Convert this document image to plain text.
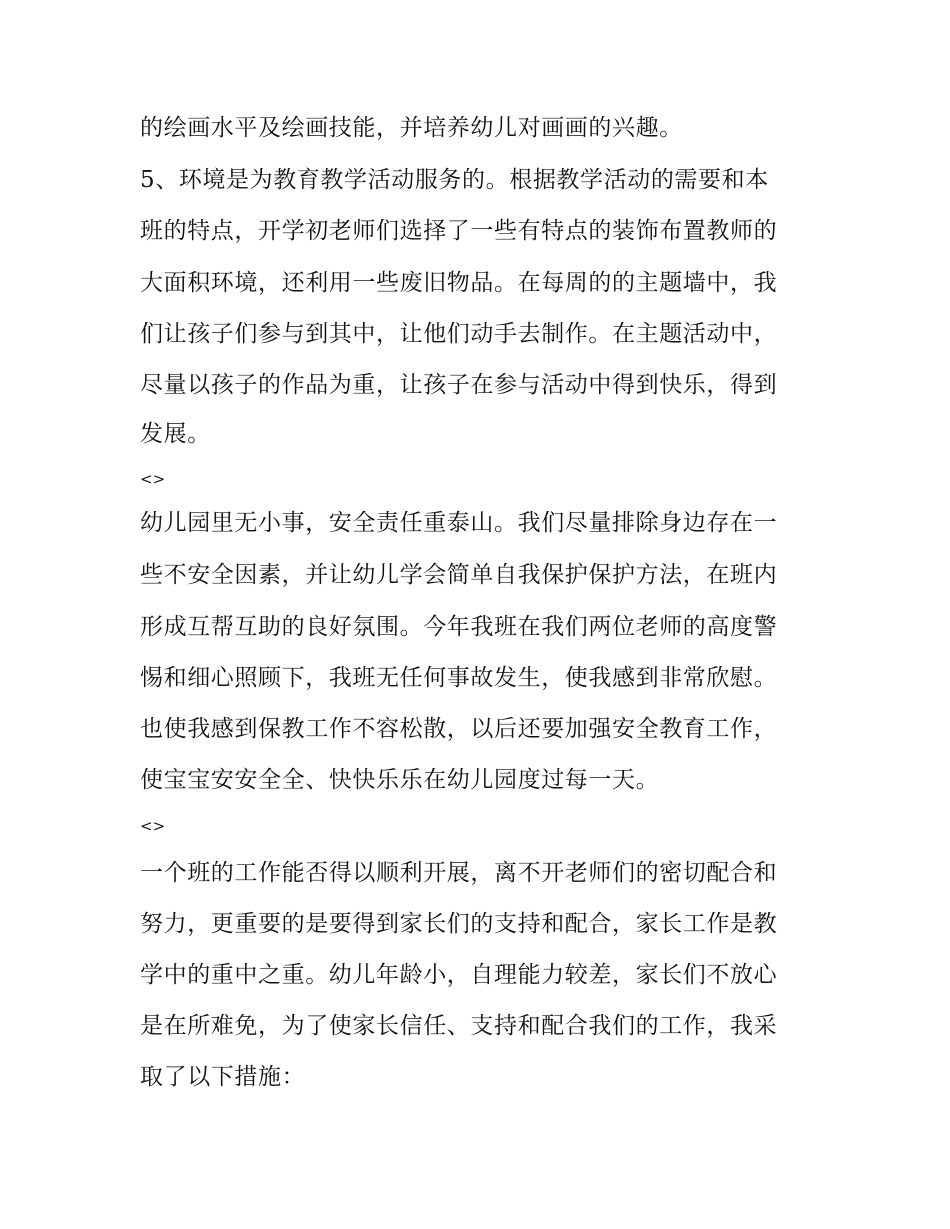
的绘画水平及绘画技能，并培养幼儿对画画的兴趣。
5、环境是为教育教学活动服务的。根据教学活动的需要和本
班的特点，开学初老师们选择了一些有特点的装饰布置教师的
大面积环境，还利用一些废旧物品。在每周的的主题墙中，我
们让孩子们参与到其中，让他们动手去制作。在主题活动中，
尽量以孩子的作品为重，让孩子在参与活动中得到快乐，得到
发展。
<>
幼儿园里无小事，安全责任重泰山。我们尽量排除身边存在一
些不安全因素，并让幼儿学会简单自我保护保护方法，在班内
形成互帮互助的良好氛围。今年我班在我们两位老师的高度警
惕和细心照顾下，我班无任何事故发生，使我感到非常欣慰。
也使我感到保教工作不容松散，以后还要加强安全教育工作，
使宝宝安安全全、快快乐乐在幼儿园度过每一天。
<>
一个班的工作能否得以顺利开展，离不开老师们的密切配合和
努力，更重要的是要得到家长们的支持和配合，家长工作是教
学中的重中之重。幼儿年龄小，自理能力较差，家长们不放心
是在所难免，为了使家长信任、支持和配合我们的工作，我采
取了以下措施：
